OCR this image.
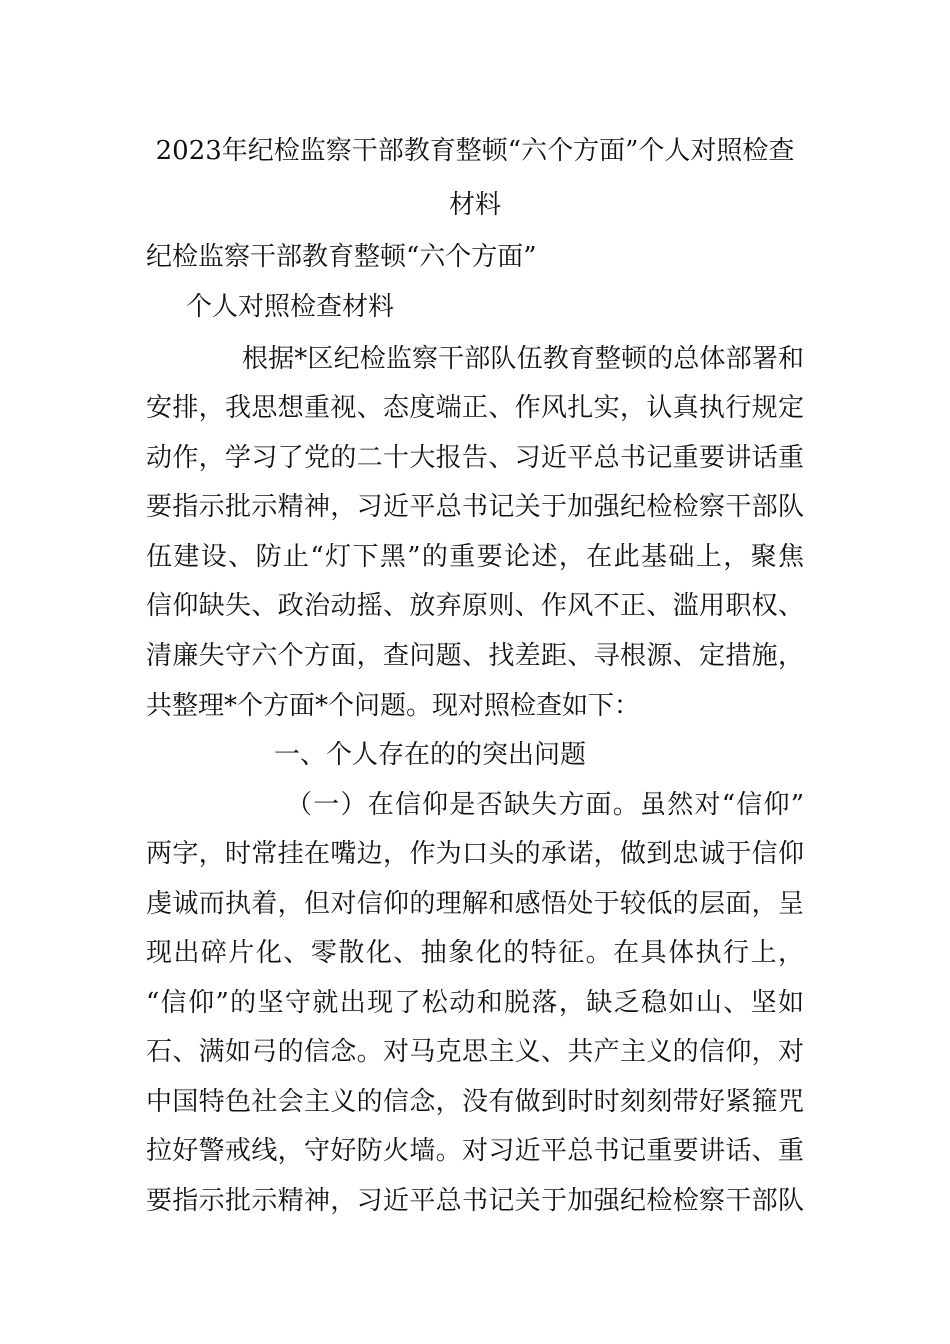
2023年纪检监察干部教育整顿“六个方面”个人对照检查
材料
纪检监察干部教育整顿“六个方面”
个人对照检查材料
根据*区纪检监察干部队伍教育整顿的总体部署和
安排，我思想重视、态度端正、作风扎实，认真执行规定
动作，学习了党的二十大报告、习近平总书记重要讲话重
要指示批示精神，习近平总书记关于加强纪检检察干部队
伍建设、防止“灯下黑”的重要论述，在此基础上，聚焦
信仰缺失、政治动摇、放弃原则、作风不正、滥用职权、
清廉失守六个方面，查问题、找差距、寻根源、定措施，
共整理*个方面*个问题。现对照检查如下：
一、个人存在的的突出问题
（一）在信仰是否缺失方面。虽然对“信仰”
两字，时常挂在嘴边，作为口头的承诺，做到忠诚于信仰
虔诚而执着，但对信仰的理解和感悟处于较低的层面，呈
现出碎片化、零散化、抽象化的特征。在具体执行上，
“信仰”的坚守就出现了松动和脱落，缺乏稳如山、坚如
石、满如弓的信念。对马克思主义、共产主义的信仰，对
中国特色社会主义的信念，没有做到时时刻刻带好紧箍咒
拉好警戒线，守好防火墙。对习近平总书记重要讲话、重
要指示批示精神，习近平总书记关于加强纪检检察干部队
